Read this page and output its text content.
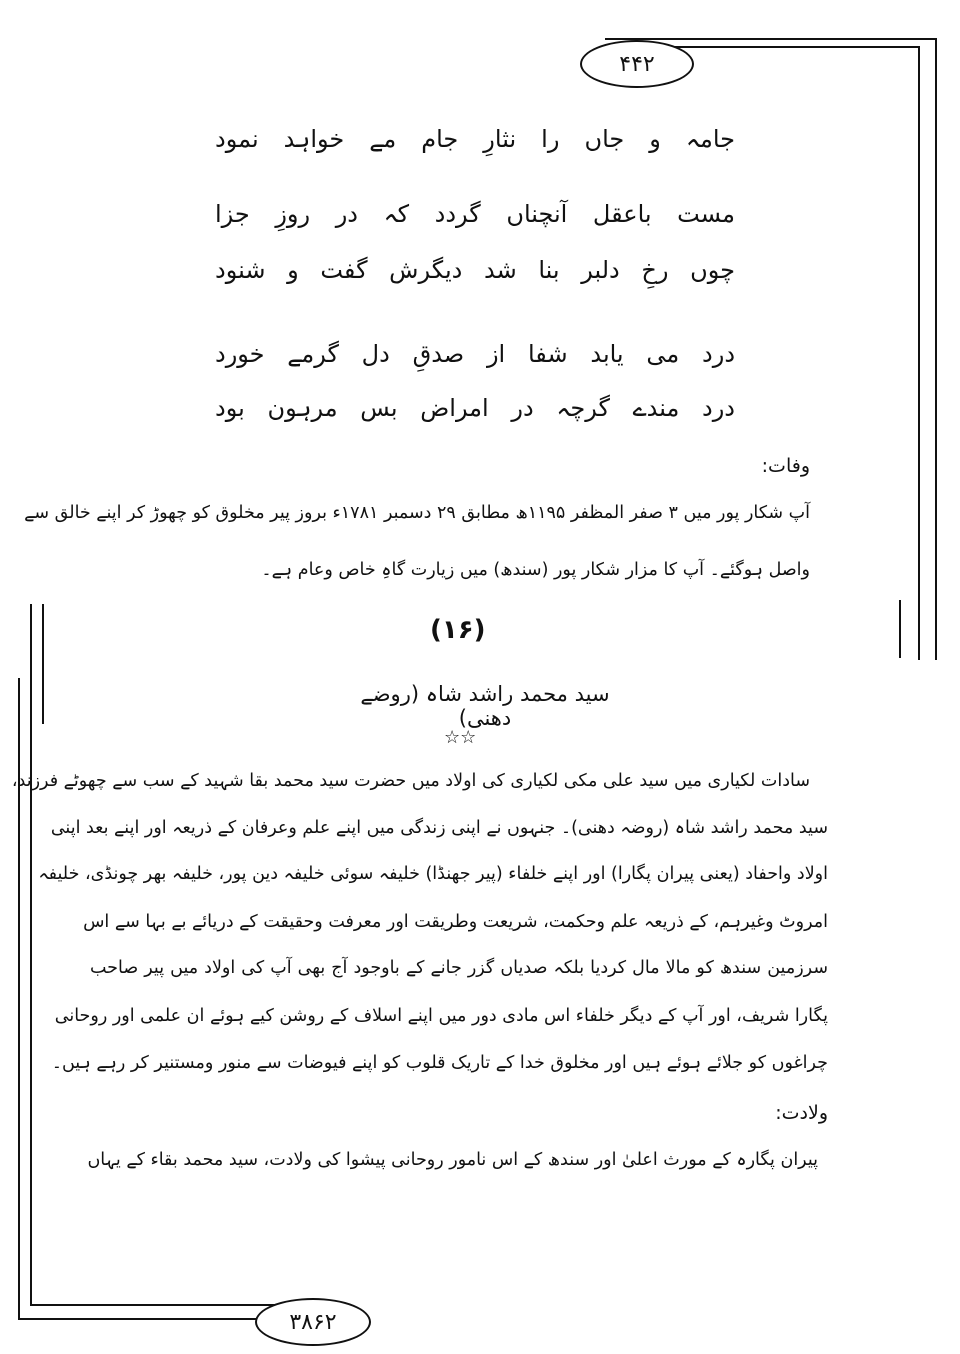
۴۴۲
۳۸۶۲
جامہ و جاں را نثارِ جام مے خواہد نمود
مست باعقل آنچناں گردد کہ در روزِ جزا
چوں رخِ دلبر بنا شد دیگرش گفت و شنود
درد می یابد شفا از صدقِ دل گرمے خورد
درد مندے گرچہ در امراض بس مرہون بود
وفات:
آپ شکار پور میں ۳ صفر المظفر ۱۱۹۵ھ مطابق ۲۹ دسمبر ۱۷۸۱ء بروز پیر مخلوق کو چھوڑ کر اپنے خالق سے
واصل ہوگئے۔ آپ کا مزار شکار پور (سندھ) میں زیارت گاہِ خاص وعام ہے۔
(۱۶)
سید محمد راشد شاہ (روضے دھنی)
☆☆
سادات لکیاری میں سید علی مکی لکیاری کی اولاد میں حضرت سید محمد بقا شہید کے سب سے چھوٹے فرزند،
سید محمد راشد شاہ (روضہ دھنی)۔ جنہوں نے اپنی زندگی میں اپنے علم وعرفان کے ذریعہ اور اپنے بعد اپنی
اولاد واحفاد (یعنی پیران پگارا) اور اپنے خلفاء (پیر جھنڈا) خلیفہ سوئی خلیفہ دین پور، خلیفہ بھر چونڈی، خلیفہ
امروٹ وغیرہم، کے ذریعہ علم وحکمت، شریعت وطریقت اور معرفت وحقیقت کے دریائے بے بہا سے اس
سرزمین سندھ کو مالا مال کردیا بلکہ صدیاں گزر جانے کے باوجود آج بھی آپ کی اولاد میں پیر صاحب
پگارا شریف، اور آپ کے دیگر خلفاء اس مادی دور میں اپنے اسلاف کے روشن کیے ہوئے ان علمی اور روحانی
چراغوں کو جلائے ہوئے ہیں اور مخلوق خدا کے تاریک قلوب کو اپنے فیوضات سے منور ومستنیر کر رہے ہیں۔
ولادت:
پیران پگارہ کے مورث اعلیٰ اور سندھ کے اس نامور روحانی پیشوا کی ولادت، سید محمد بقاء کے یہاں
